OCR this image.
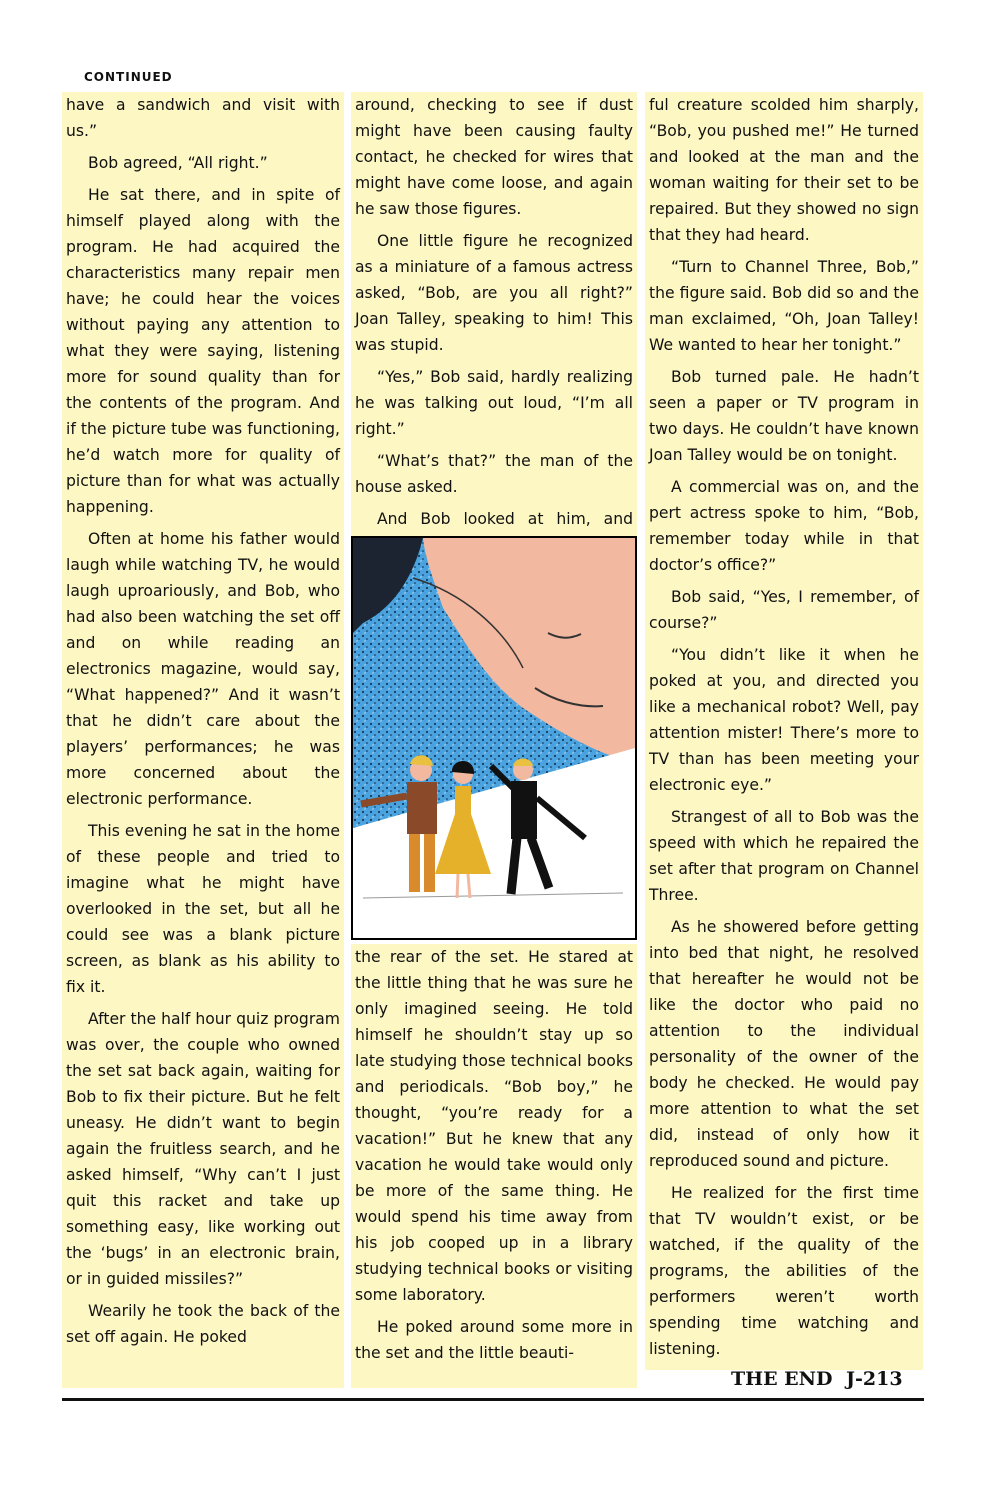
CONTINUED

have a sandwich and visit with us.”

Bob agreed, “All right.”

He sat there, and in spite of himself played along with the program. He had acquired the characteristics many repair men have; he could hear the voices without paying any attention to what they were saying, listening more for sound quality than for the contents of the program. And if the picture tube was functioning, he’d watch more for quality of picture than for what was actually happening.

Often at home his father would laugh while watching TV, he would laugh uproariously, and Bob, who had also been watching the set off and on while reading an electronics magazine, would say, “What happened?” And it wasn’t that he didn’t care about the players’ performances; he was more concerned about the electronic performance.

This evening he sat in the home of these people and tried to imagine what he might have overlooked in the set, but all he could see was a blank picture screen, as blank as his ability to fix it.

After the half hour quiz program was over, the couple who owned the set sat back again, waiting for Bob to fix their picture. But he felt uneasy. He didn’t want to begin again the fruitless search, and he asked himself, “Why can’t I just quit this racket and take up something easy, like working out the ‘bugs’ in an electronic brain, or in guided missiles?”

Wearily he took the back of the set off again. He poked

around, checking to see if dust might have been causing faulty contact, he checked for wires that might have come loose, and again he saw those figures.

One little figure he recognized as a miniature of a famous actress asked, “Bob, are you all right?” Joan Talley, speaking to him! This was stupid.

“Yes,” Bob said, hardly realizing he was talking out loud, “I’m all right.”

“What’s that?” the man of the house asked.

And Bob looked at him, and

the rear of the set. He stared at the little thing that he was sure he only imagined seeing. He told himself he shouldn’t stay up so late studying those technical books and periodicals. “Bob boy,” he thought, “you’re ready for a vacation!” But he knew that any vacation he would take would only be more of the same thing. He would spend his time away from his job cooped up in a library studying technical books or visiting some laboratory.

He poked around some more in the set and the little beauti-

ful creature scolded him sharply, “Bob, you pushed me!” He turned and looked at the man and the woman waiting for their set to be repaired. But they showed no sign that they had heard.

“Turn to Channel Three, Bob,” the figure said. Bob did so and the man exclaimed, “Oh, Joan Talley! We wanted to hear her tonight.”

Bob turned pale. He hadn’t seen a paper or TV program in two days. He couldn’t have known Joan Talley would be on tonight.

A commercial was on, and the pert actress spoke to him, “Bob, remember today while in that doctor’s office?”

Bob said, “Yes, I remember, of course?”

“You didn’t like it when he poked at you, and directed you like a mechanical robot? Well, pay attention mister! There’s more to TV than has been meeting your electronic eye.”

Strangest of all to Bob was the speed with which he repaired the set after that program on Channel Three.

As he showered before getting into bed that night, he resolved that hereafter he would not be like the doctor who paid no attention to the individual personality of the owner of the body he checked. He would pay more attention to what the set did, instead of only how it reproduced sound and picture.

He realized for the first time that TV wouldn’t exist, or be watched, if the quality of the programs, the abilities of the performers weren’t worth spending time watching and listening.

THE END J-213
